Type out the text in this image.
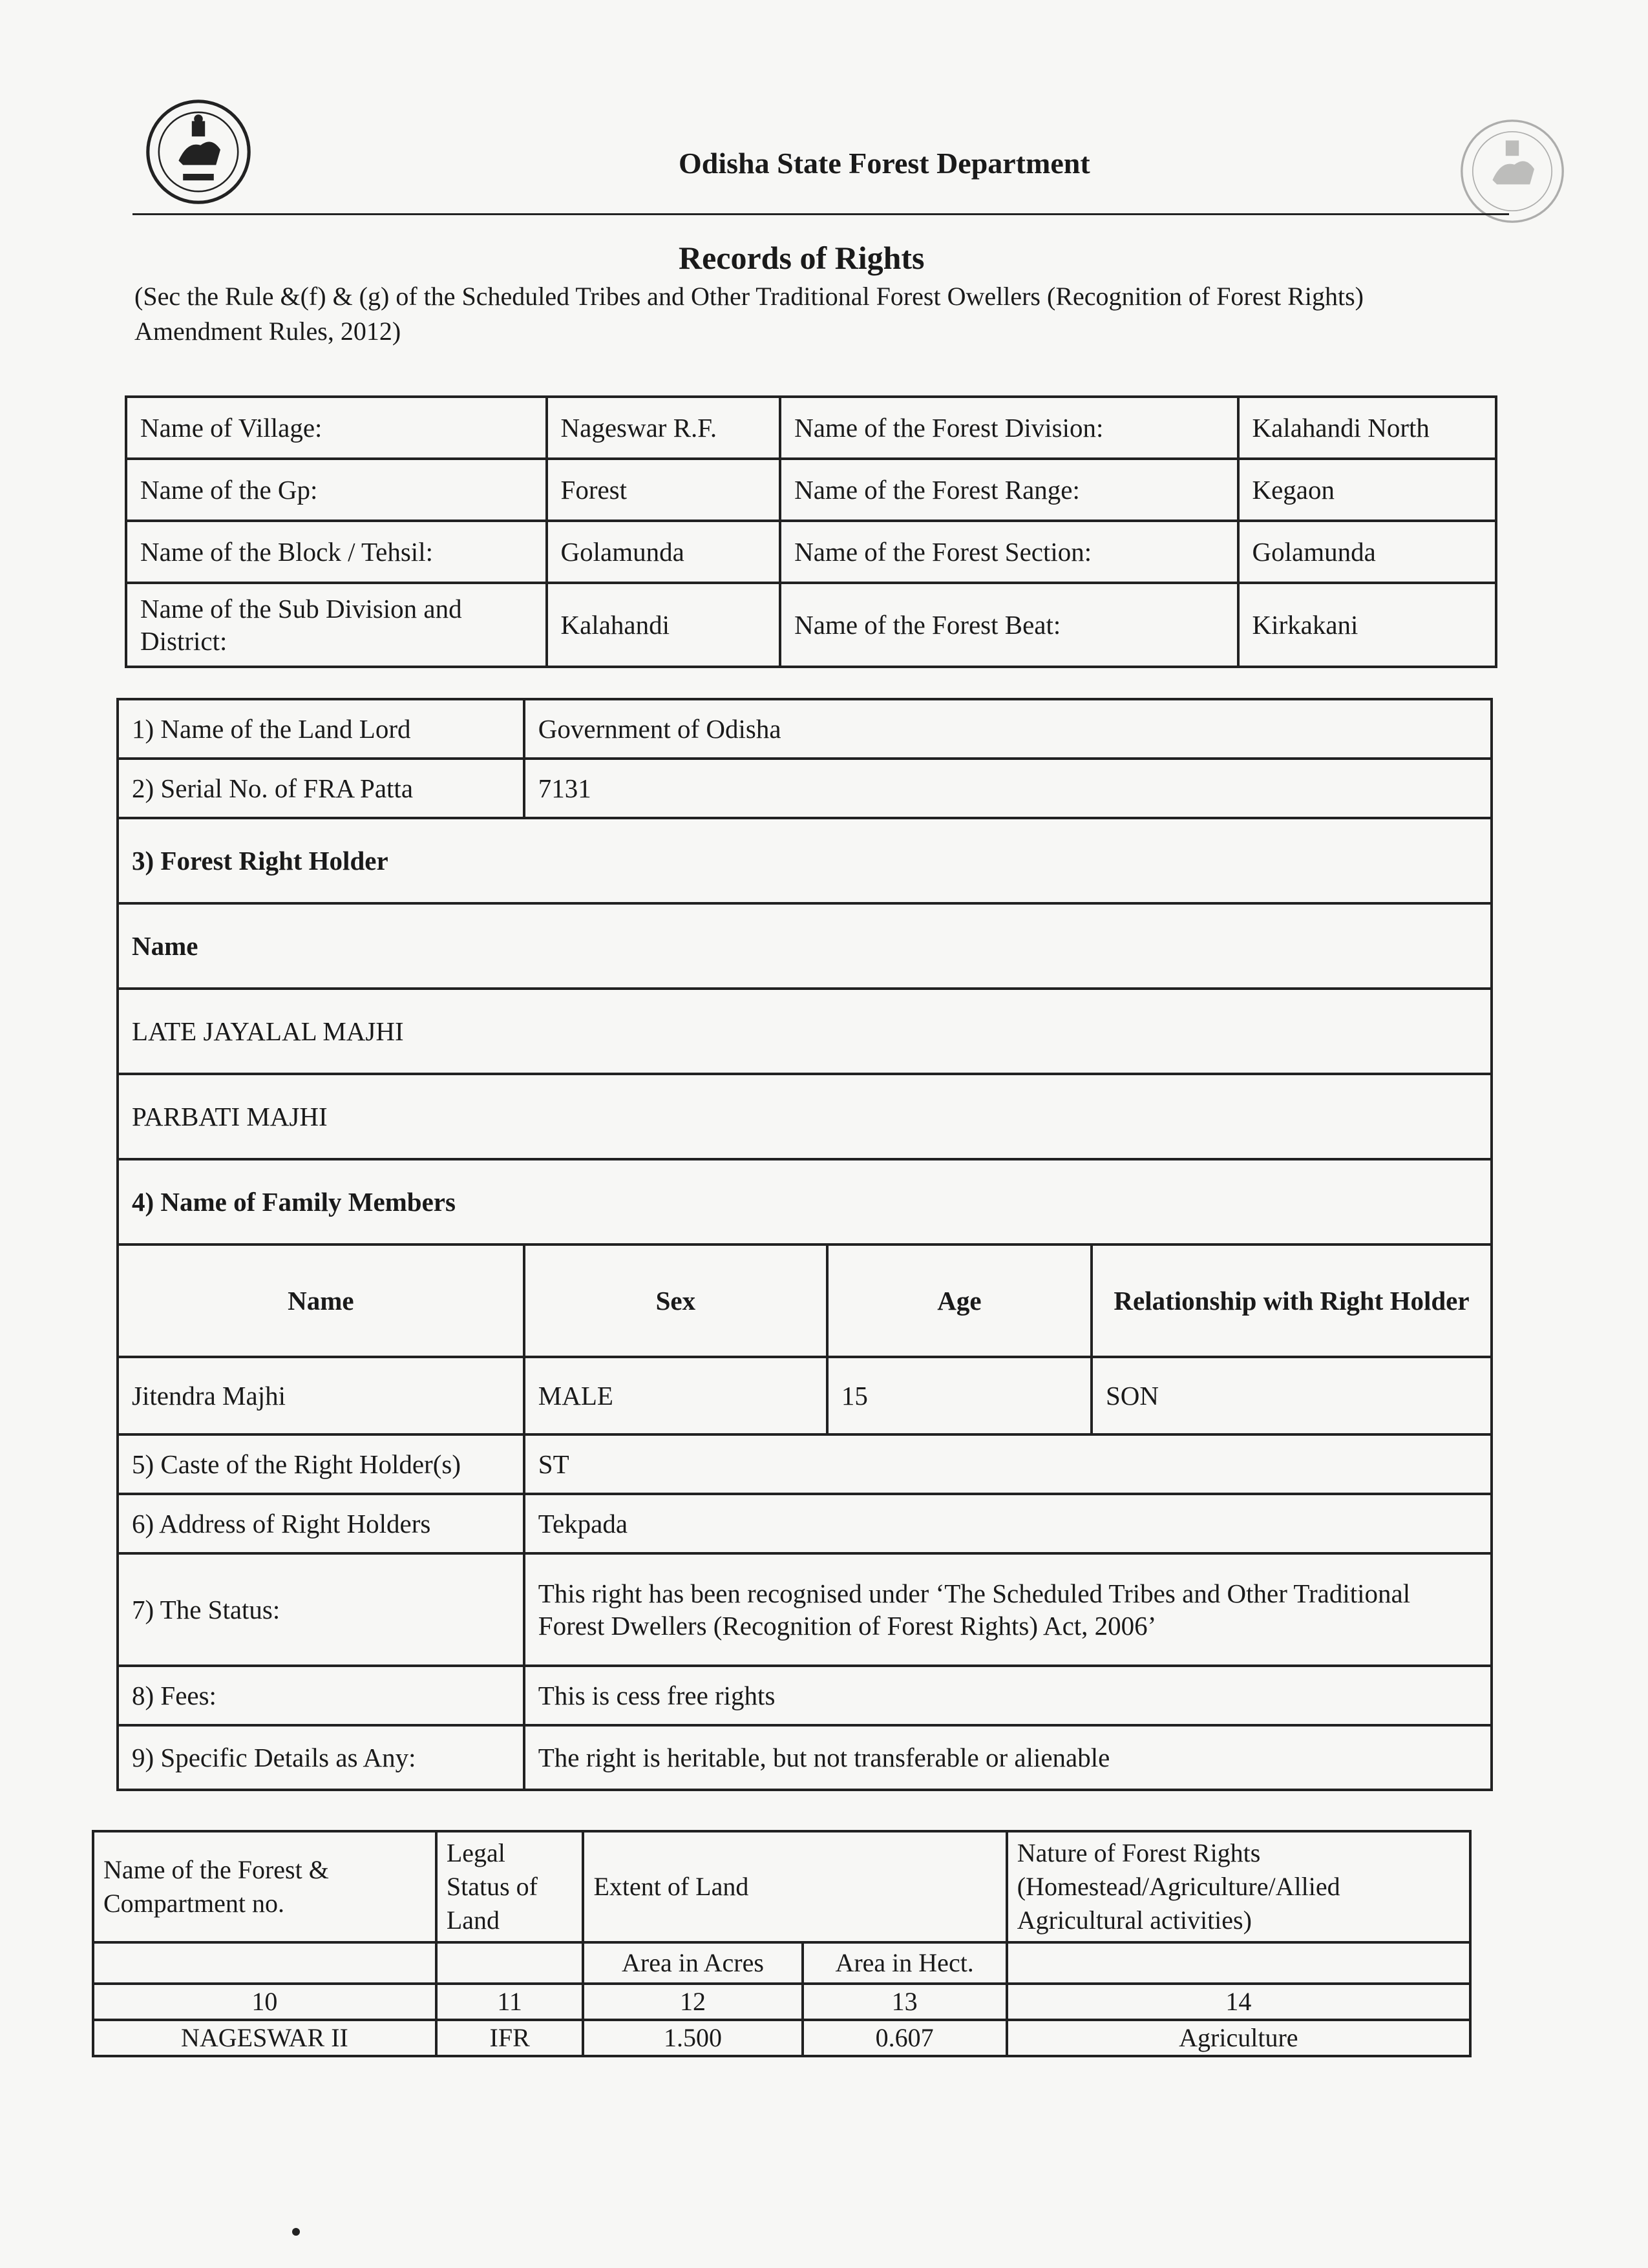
Odisha State Forest Department
Records of Rights
(Sec the Rule &(f) & (g) of the Scheduled Tribes and Other Traditional Forest Owellers (Recognition of Forest Rights) Amendment Rules, 2012)
Name of Village:	Nageswar R.F.	Name of the Forest Division:	Kalahandi North
Name of the Gp:	Forest	Name of the Forest Range:	Kegaon
Name of the Block / Tehsil:	Golamunda	Name of the Forest Section:	Golamunda
Name of the Sub Division and District:	Kalahandi	Name of the Forest Beat:	Kirkakani
1) Name of the Land Lord	Government of Odisha		
2) Serial No. of FRA Patta	7131		
3) Forest Right Holder			
Name			
LATE JAYALAL MAJHI			
PARBATI MAJHI			
4) Name of Family Members			
Name	Sex	Age	Relationship with Right Holder
Jitendra Majhi	MALE	15	SON
5) Caste of the Right Holder(s)	ST		
6) Address of Right Holders	Tekpada		
7) The Status:	This right has been recognised under ‘The Scheduled Tribes and Other Traditional
Forest Dwellers (Recognition of Forest Rights) Act, 2006’		

8) Fees:	This is cess free rights		
9) Specific Details as Any:	The right is heritable, but not transferable or alienable		
Name of the Forest & Compartment no.	Legal Status of Land	Extent of Land		Nature of Forest Rights (Homestead/Agriculture/Allied Agricultural activities)
		Area in Acres	Area in Hect.	
10	11	12	13	14
NAGESWAR II	IFR	1.500	0.607	Agriculture
